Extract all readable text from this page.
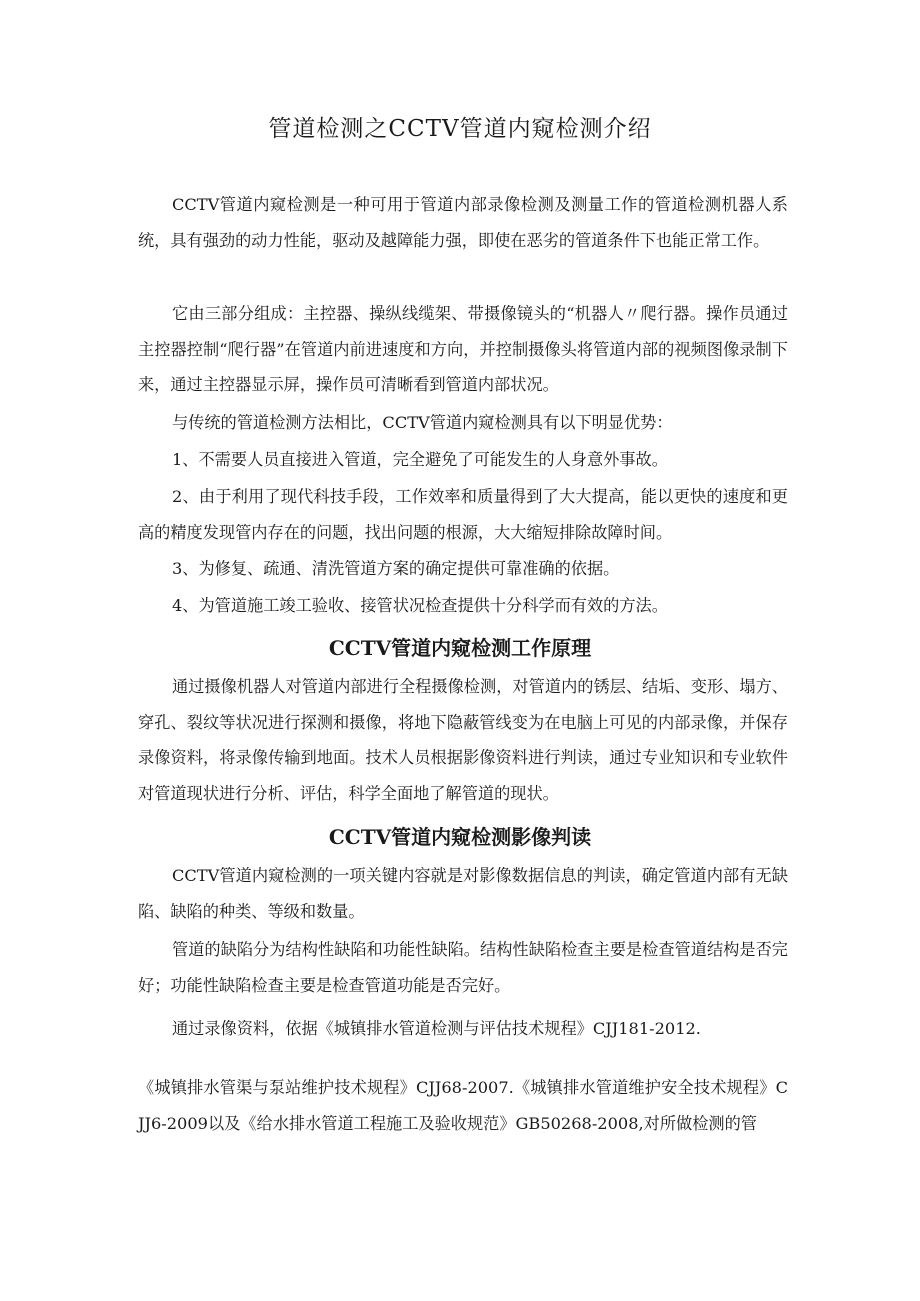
管道检测之CCTV管道内窥检测介绍

CCTV管道内窥检测是一种可用于管道内部录像检测及测量工作的管道检测机器人系统，具有强劲的动力性能，驱动及越障能力强，即使在恶劣的管道条件下也能正常工作。

它由三部分组成：主控器、操纵线缆架、带摄像镜头的“机器人〃爬行器。操作员通过主控器控制“爬行器”在管道内前进速度和方向，并控制摄像头将管道内部的视频图像录制下来，通过主控器显示屏，操作员可清晰看到管道内部状况。

与传统的管道检测方法相比，CCTV管道内窥检测具有以下明显优势：

1、不需要人员直接进入管道，完全避免了可能发生的人身意外事故。

2、由于利用了现代科技手段，工作效率和质量得到了大大提高，能以更快的速度和更高的精度发现管内存在的问题，找出问题的根源，大大缩短排除故障时间。

3、为修复、疏通、清洗管道方案的确定提供可靠准确的依据。

4、为管道施工竣工验收、接管状况检查提供十分科学而有效的方法。

CCTV管道内窥检测工作原理

通过摄像机器人对管道内部进行全程摄像检测，对管道内的锈层、结垢、变形、塌方、穿孔、裂纹等状况进行探测和摄像，将地下隐蔽管线变为在电脑上可见的内部录像，并保存录像资料，将录像传输到地面。技术人员根据影像资料进行判读，通过专业知识和专业软件对管道现状进行分析、评估，科学全面地了解管道的现状。

CCTV管道内窥检测影像判读

CCTV管道内窥检测的一项关键内容就是对影像数据信息的判读，确定管道内部有无缺陷、缺陷的种类、等级和数量。

管道的缺陷分为结构性缺陷和功能性缺陷。结构性缺陷检查主要是检查管道结构是否完好；功能性缺陷检查主要是检查管道功能是否完好。

通过录像资料，依据《城镇排水管道检测与评估技术规程》CJJ181-2012.

《城镇排水管渠与泵站维护技术规程》CJJ68-2007.《城镇排水管道维护安全技术规程》CJJ6-2009以及《给水排水管道工程施工及验收规范》GB50268-2008,对所做检测的管
